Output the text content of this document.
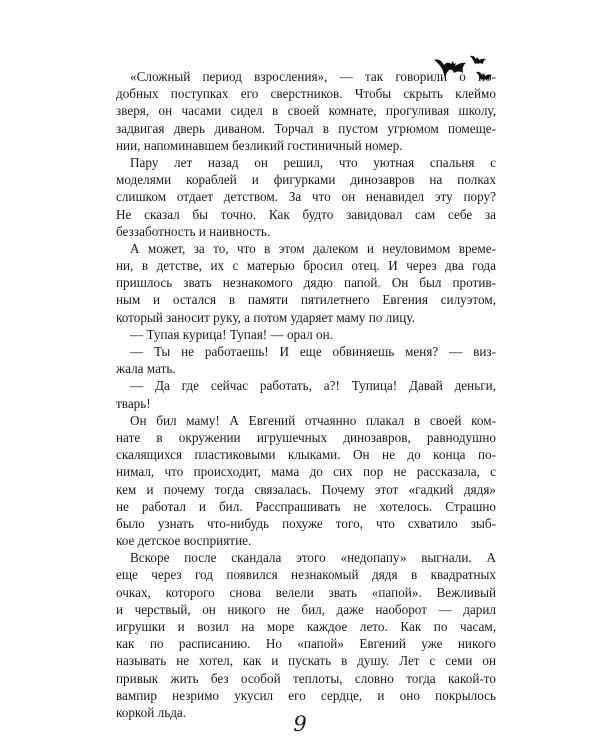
«Сложный период взросления», — так говорили о по-
добных поступках его сверстников. Чтобы скрыть клеймо
зверя, он часами сидел в своей комнате, прогуливая школу,
задвигая дверь диваном. Торчал в пустом угрюмом помеще-
нии, напоминавшем безликий гостиничный номер.
Пару лет назад он решил, что уютная спальня с
моделями кораблей и фигурками динозавров на полках
слишком отдает детством. За что он ненавидел эту пору?
Не сказал бы точно. Как будто завидовал сам себе за
беззаботность и наивность.
А может, за то, что в этом далеком и неуловимом време-
ни, в детстве, их с матерью бросил отец. И через два года
пришлось звать незнакомого дядю папой. Он был против-
ным и остался в памяти пятилетнего Евгения силуэтом,
который заносит руку, а потом ударяет маму по лицу.
— Тупая курица! Тупая! — орал он.
— Ты не работаешь! И еще обвиняешь меня? — виз-
жала мать.
— Да где сейчас работать, а?! Тупица! Давай деньги,
тварь!
Он бил маму! А Евгений отчаянно плакал в своей ком-
нате в окружении игрушечных динозавров, равнодушно
скалящихся пластиковыми клыками. Он не до конца по-
нимал, что происходит, мама до сих пор не рассказала, с
кем и почему тогда связалась. Почему этот «гадкий дядя»
не работал и бил. Расспрашивать не хотелось. Страшно
было узнать что-нибудь похуже того, что схватило зыб-
кое детское восприятие.
Вскоре после скандала этого «недопапу» выгнали. А
еще через год появился незнакомый дядя в квадратных
очках, которого снова велели звать «папой». Вежливый
и черствый, он никого не бил, даже наоборот — дарил
игрушки и возил на море каждое лето. Как по часам,
как по расписанию. Но «папой» Евгений уже никого
называть не хотел, как и пускать в душу. Лет с семи он
привык жить без особой теплоты, словно тогда какой-то
вампир незримо укусил его сердце, и оно покрылось
коркой льда.	9
